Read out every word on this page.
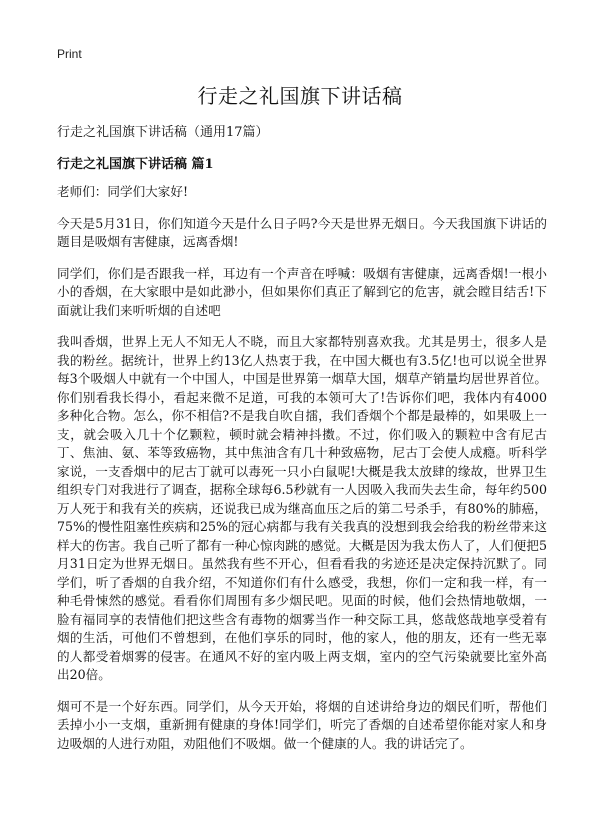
Print
行走之礼国旗下讲话稿
行走之礼国旗下讲话稿（通用17篇）
行走之礼国旗下讲话稿 篇1

老师们：同学们大家好!

今天是5月31日，你们知道今天是什么日子吗?今天是世界无烟日。今天我国旗下讲话的题目是吸烟有害健康，远离香烟!

同学们，你们是否跟我一样，耳边有一个声音在呼喊：吸烟有害健康，远离香烟!一根小小的香烟，在大家眼中是如此渺小，但如果你们真正了解到它的危害，就会瞠目结舌!下面就让我们来听听烟的自述吧

我叫香烟，世界上无人不知无人不晓，而且大家都特别喜欢我。尤其是男士，很多人是我的粉丝。据统计，世界上约13亿人热衷于我，在中国大概也有3.5亿!也可以说全世界每3个吸烟人中就有一个中国人，中国是世界第一烟草大国，烟草产销量均居世界首位。你们别看我长得小，看起来微不足道，可我的本领可大了!告诉你们吧，我体内有4000多种化合物。怎么，你不相信?不是我自吹自擂，我们香烟个个都是最棒的，如果吸上一支，就会吸入几十个亿颗粒，顿时就会精神抖擞。不过，你们吸入的颗粒中含有尼古丁、焦油、氨、苯等致癌物，其中焦油含有几十种致癌物，尼古丁会使人成瘾。听科学家说，一支香烟中的尼古丁就可以毒死一只小白鼠呢!大概是我太放肆的缘故，世界卫生组织专门对我进行了调查，据称全球每6.5秒就有一人因吸入我而失去生命，每年约500万人死于和我有关的疾病，还说我已成为继高血压之后的第二号杀手，有80%的肺癌，75%的慢性阻塞性疾病和25%的冠心病都与我有关我真的没想到我会给我的粉丝带来这样大的伤害。我自己听了都有一种心惊肉跳的感觉。大概是因为我太伤人了，人们便把5月31日定为世界无烟日。虽然我有些不开心，但看看我的劣迹还是决定保持沉默了。同学们，听了香烟的自我介绍，不知道你们有什么感受，我想，你们一定和我一样，有一种毛骨悚然的感觉。看看你们周围有多少烟民吧。见面的时候，他们会热情地敬烟，一脸有福同享的表情他们把这些含有毒物的烟雾当作一种交际工具，悠哉悠哉地享受着有烟的生活，可他们不曾想到，在他们享乐的同时，他的家人，他的朋友，还有一些无辜的人都受着烟雾的侵害。在通风不好的室内吸上两支烟，室内的空气污染就要比室外高出20倍。

烟可不是一个好东西。同学们，从今天开始，将烟的自述讲给身边的烟民们听，帮他们丢掉小小一支烟，重新拥有健康的身体!同学们，听完了香烟的自述希望你能对家人和身边吸烟的人进行劝阻，劝阻他们不吸烟。做一个健康的人。我的讲话完了。
